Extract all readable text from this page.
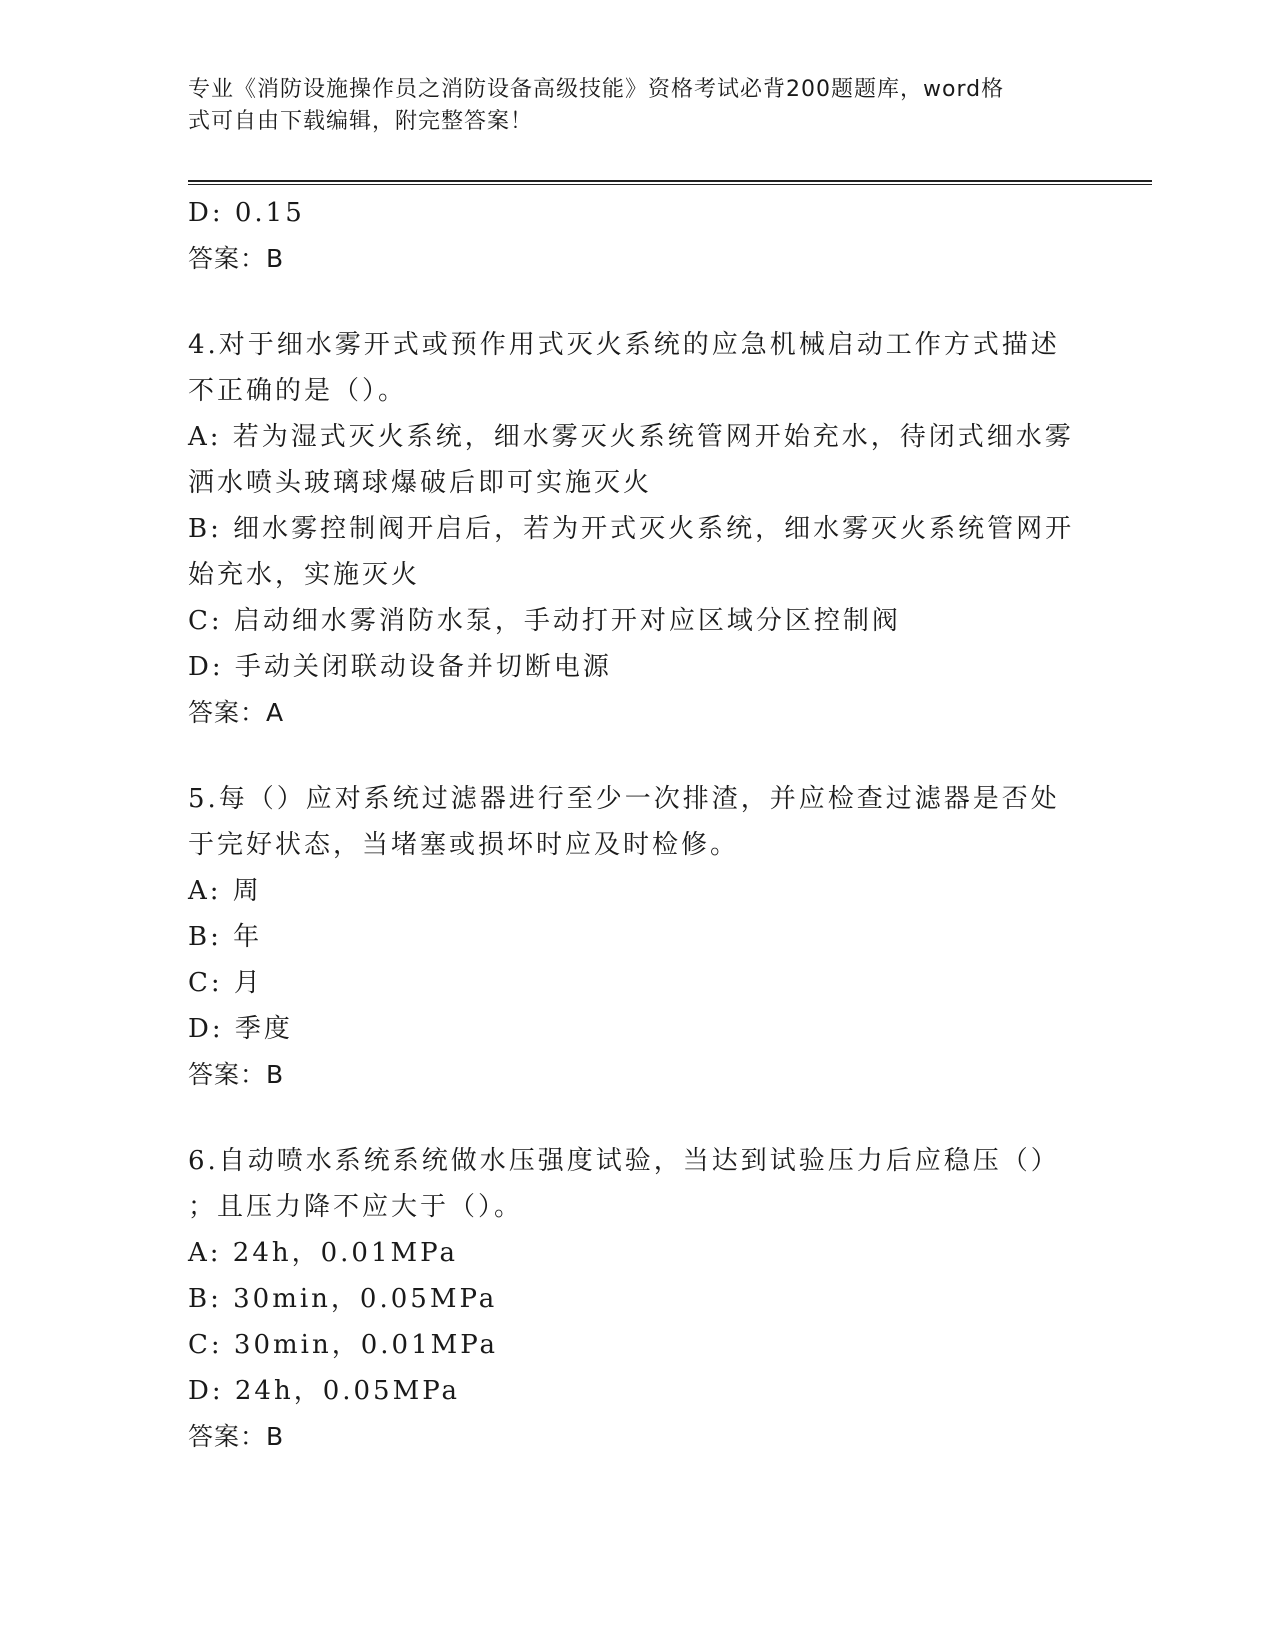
专业《消防设施操作员之消防设备高级技能》资格考试必背200题题库，word格
式可自由下载编辑，附完整答案！
D: 0.15
答案：B
4.对于细水雾开式或预作用式灭火系统的应急机械启动工作方式描述
不正确的是（）。
A: 若为湿式灭火系统，细水雾灭火系统管网开始充水，待闭式细水雾
洒水喷头玻璃球爆破后即可实施灭火
B: 细水雾控制阀开启后，若为开式灭火系统，细水雾灭火系统管网开
始充水，实施灭火
C: 启动细水雾消防水泵，手动打开对应区域分区控制阀
D: 手动关闭联动设备并切断电源
答案：A
5.每（）应对系统过滤器进行至少一次排渣，并应检查过滤器是否处
于完好状态，当堵塞或损坏时应及时检修。
A: 周
B: 年
C: 月
D: 季度
答案：B
6.自动喷水系统系统做水压强度试验，当达到试验压力后应稳压（）
；且压力降不应大于（）。
A: 24h，0.01MPa
B: 30min，0.05MPa
C: 30min，0.01MPa
D: 24h，0.05MPa
答案：B
